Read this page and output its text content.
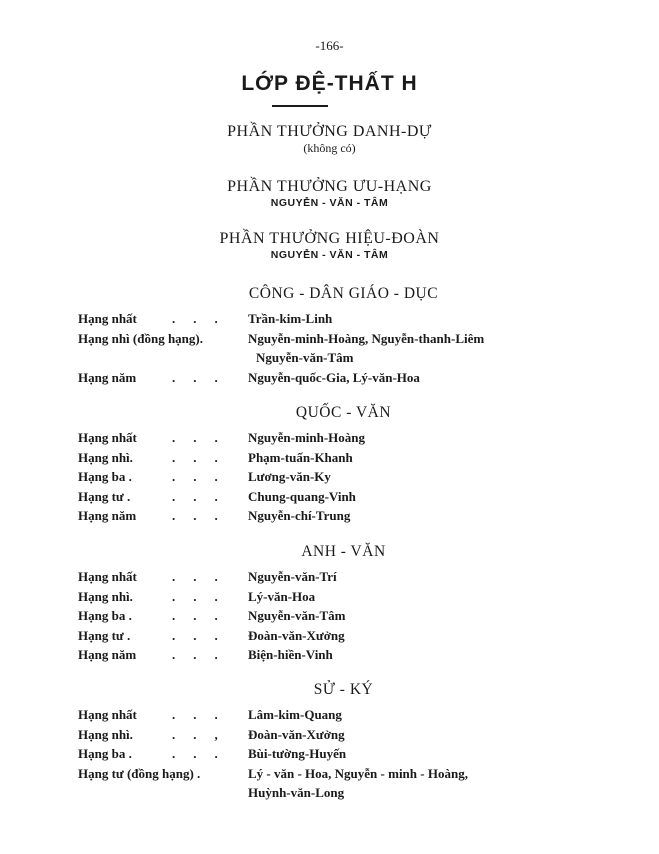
-166-
LỚP ĐỆ-THẤT H
PHẦN THƯỞNG DANH-DỰ
(không có)
PHẦN THƯỞNG ƯU-HẠNG
NGUYỄN - VĂN - TÂM
PHẦN THƯỞNG HIỆU-ĐOÀN
NGUYỄN - VĂN - TÂM
CÔNG - DÂN GIÁO - DỤC
Hạng nhất	... Trần-kim-Linh
Hạng nhì (đồng hạng).	Nguyễn-minh-Hoàng, Nguyễn-thanh-Liêm
Nguyễn-văn-Tâm
Hạng năm	... Nguyễn-quốc-Gia, Lý-văn-Hoa
QUỐC - VĂN
Hạng nhất	... Nguyễn-minh-Hoàng
Hạng nhì.	... Phạm-tuấn-Khanh
Hạng ba .	... Lương-văn-Ky
Hạng tư .	... Chung-quang-Vinh
Hạng năm	... Nguyễn-chí-Trung
ANH - VĂN
Hạng nhất	... Nguyễn-văn-Trí
Hạng nhì.	... Lý-văn-Hoa
Hạng ba .	... Nguyễn-văn-Tâm
Hạng tư .	... Đoàn-văn-Xưởng
Hạng năm	... Biện-hiền-Vinh
SỬ - KÝ
Hạng nhất	... Lâm-kim-Quang
Hạng nhì.	.., Đoàn-văn-Xưởng
Hạng ba .	... Bùi-tường-Huyến
Hạng tư (đồng hạng) .	Lý - văn - Hoa, Nguyễn - minh - Hoàng,
Huỳnh-văn-Long
